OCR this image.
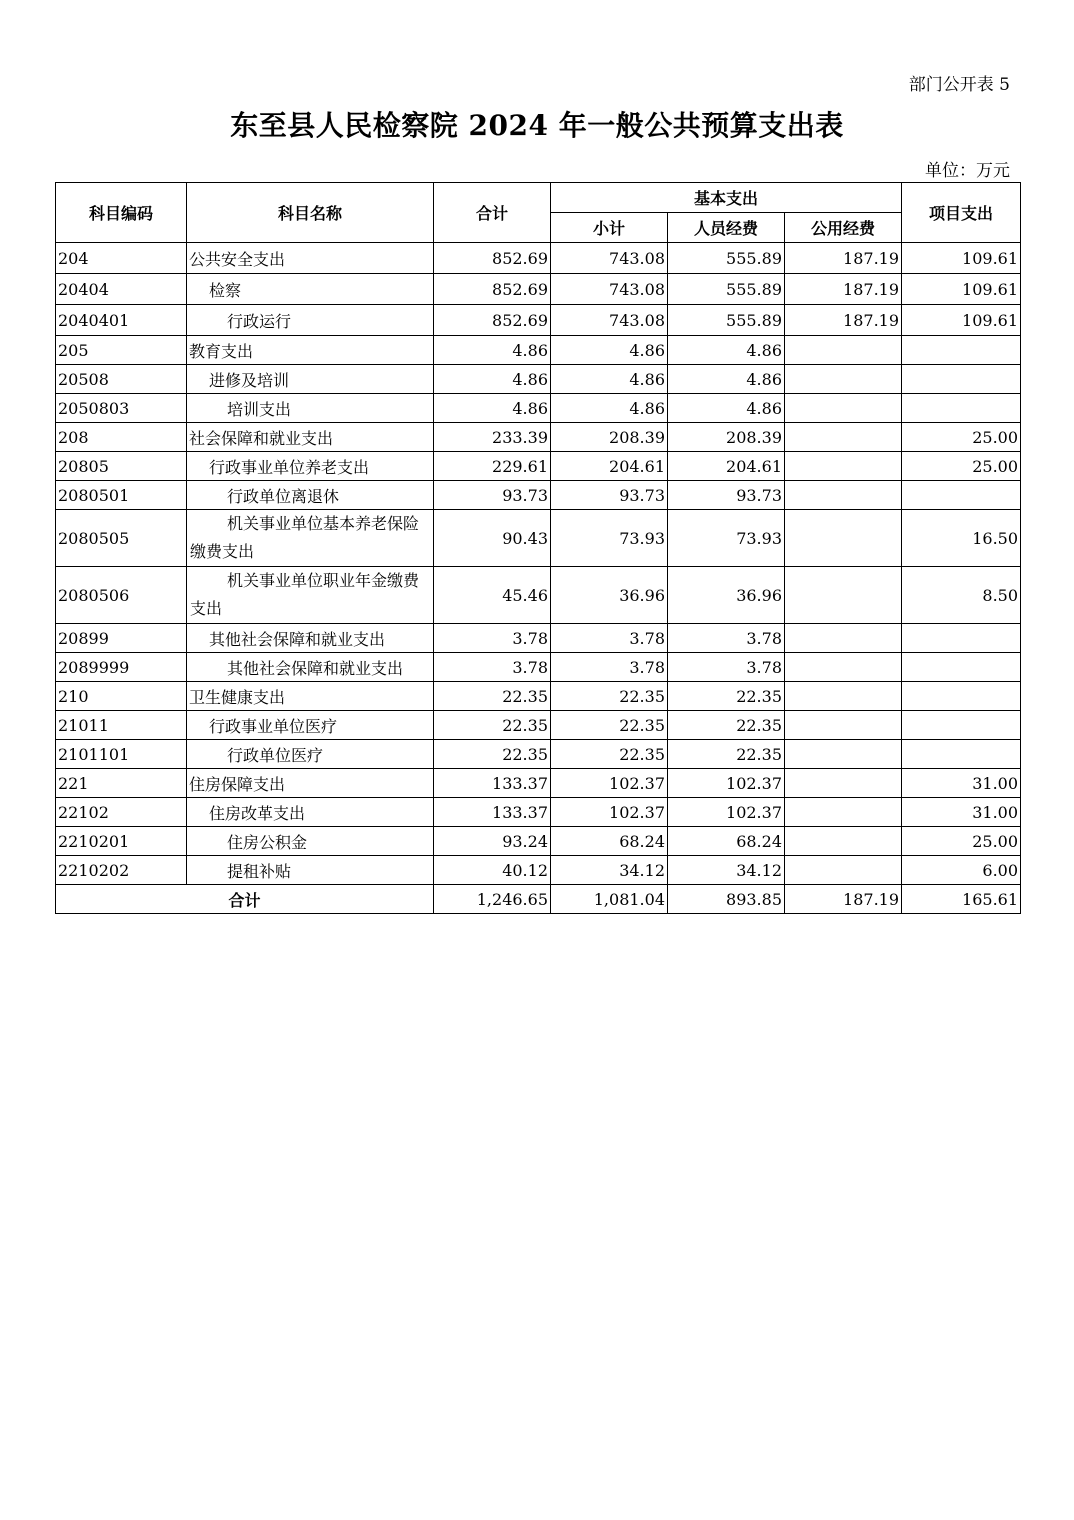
部门公开表 5
东至县人民检察院 2024 年一般公共预算支出表
单位：万元
科目编码	科目名称	合计	基本支出			项目支出
			小计	人员经费	公用经费	
204	公共安全支出	852.69	743.08	555.89	187.19	109.61
20404	检察	852.69	743.08	555.89	187.19	109.61
2040401	行政运行	852.69	743.08	555.89	187.19	109.61
205	教育支出	4.86	4.86	4.86		
20508	进修及培训	4.86	4.86	4.86		
2050803	培训支出	4.86	4.86	4.86		
208	社会保障和就业支出	233.39	208.39	208.39		25.00
20805	行政事业单位养老支出	229.61	204.61	204.61		25.00
2080501	行政单位离退休	93.73	93.73	93.73		
2080505	机关事业单位基本养老保险缴费支出	90.43	73.93	73.93		16.50
2080506	机关事业单位职业年金缴费支出	45.46	36.96	36.96		8.50
20899	其他社会保障和就业支出	3.78	3.78	3.78		
2089999	其他社会保障和就业支出	3.78	3.78	3.78		
210	卫生健康支出	22.35	22.35	22.35		
21011	行政事业单位医疗	22.35	22.35	22.35		
2101101	行政单位医疗	22.35	22.35	22.35		
221	住房保障支出	133.37	102.37	102.37		31.00
22102	住房改革支出	133.37	102.37	102.37		31.00
2210201	住房公积金	93.24	68.24	68.24		25.00
2210202	提租补贴	40.12	34.12	34.12		6.00
合计		1,246.65	1,081.04	893.85	187.19	165.61
